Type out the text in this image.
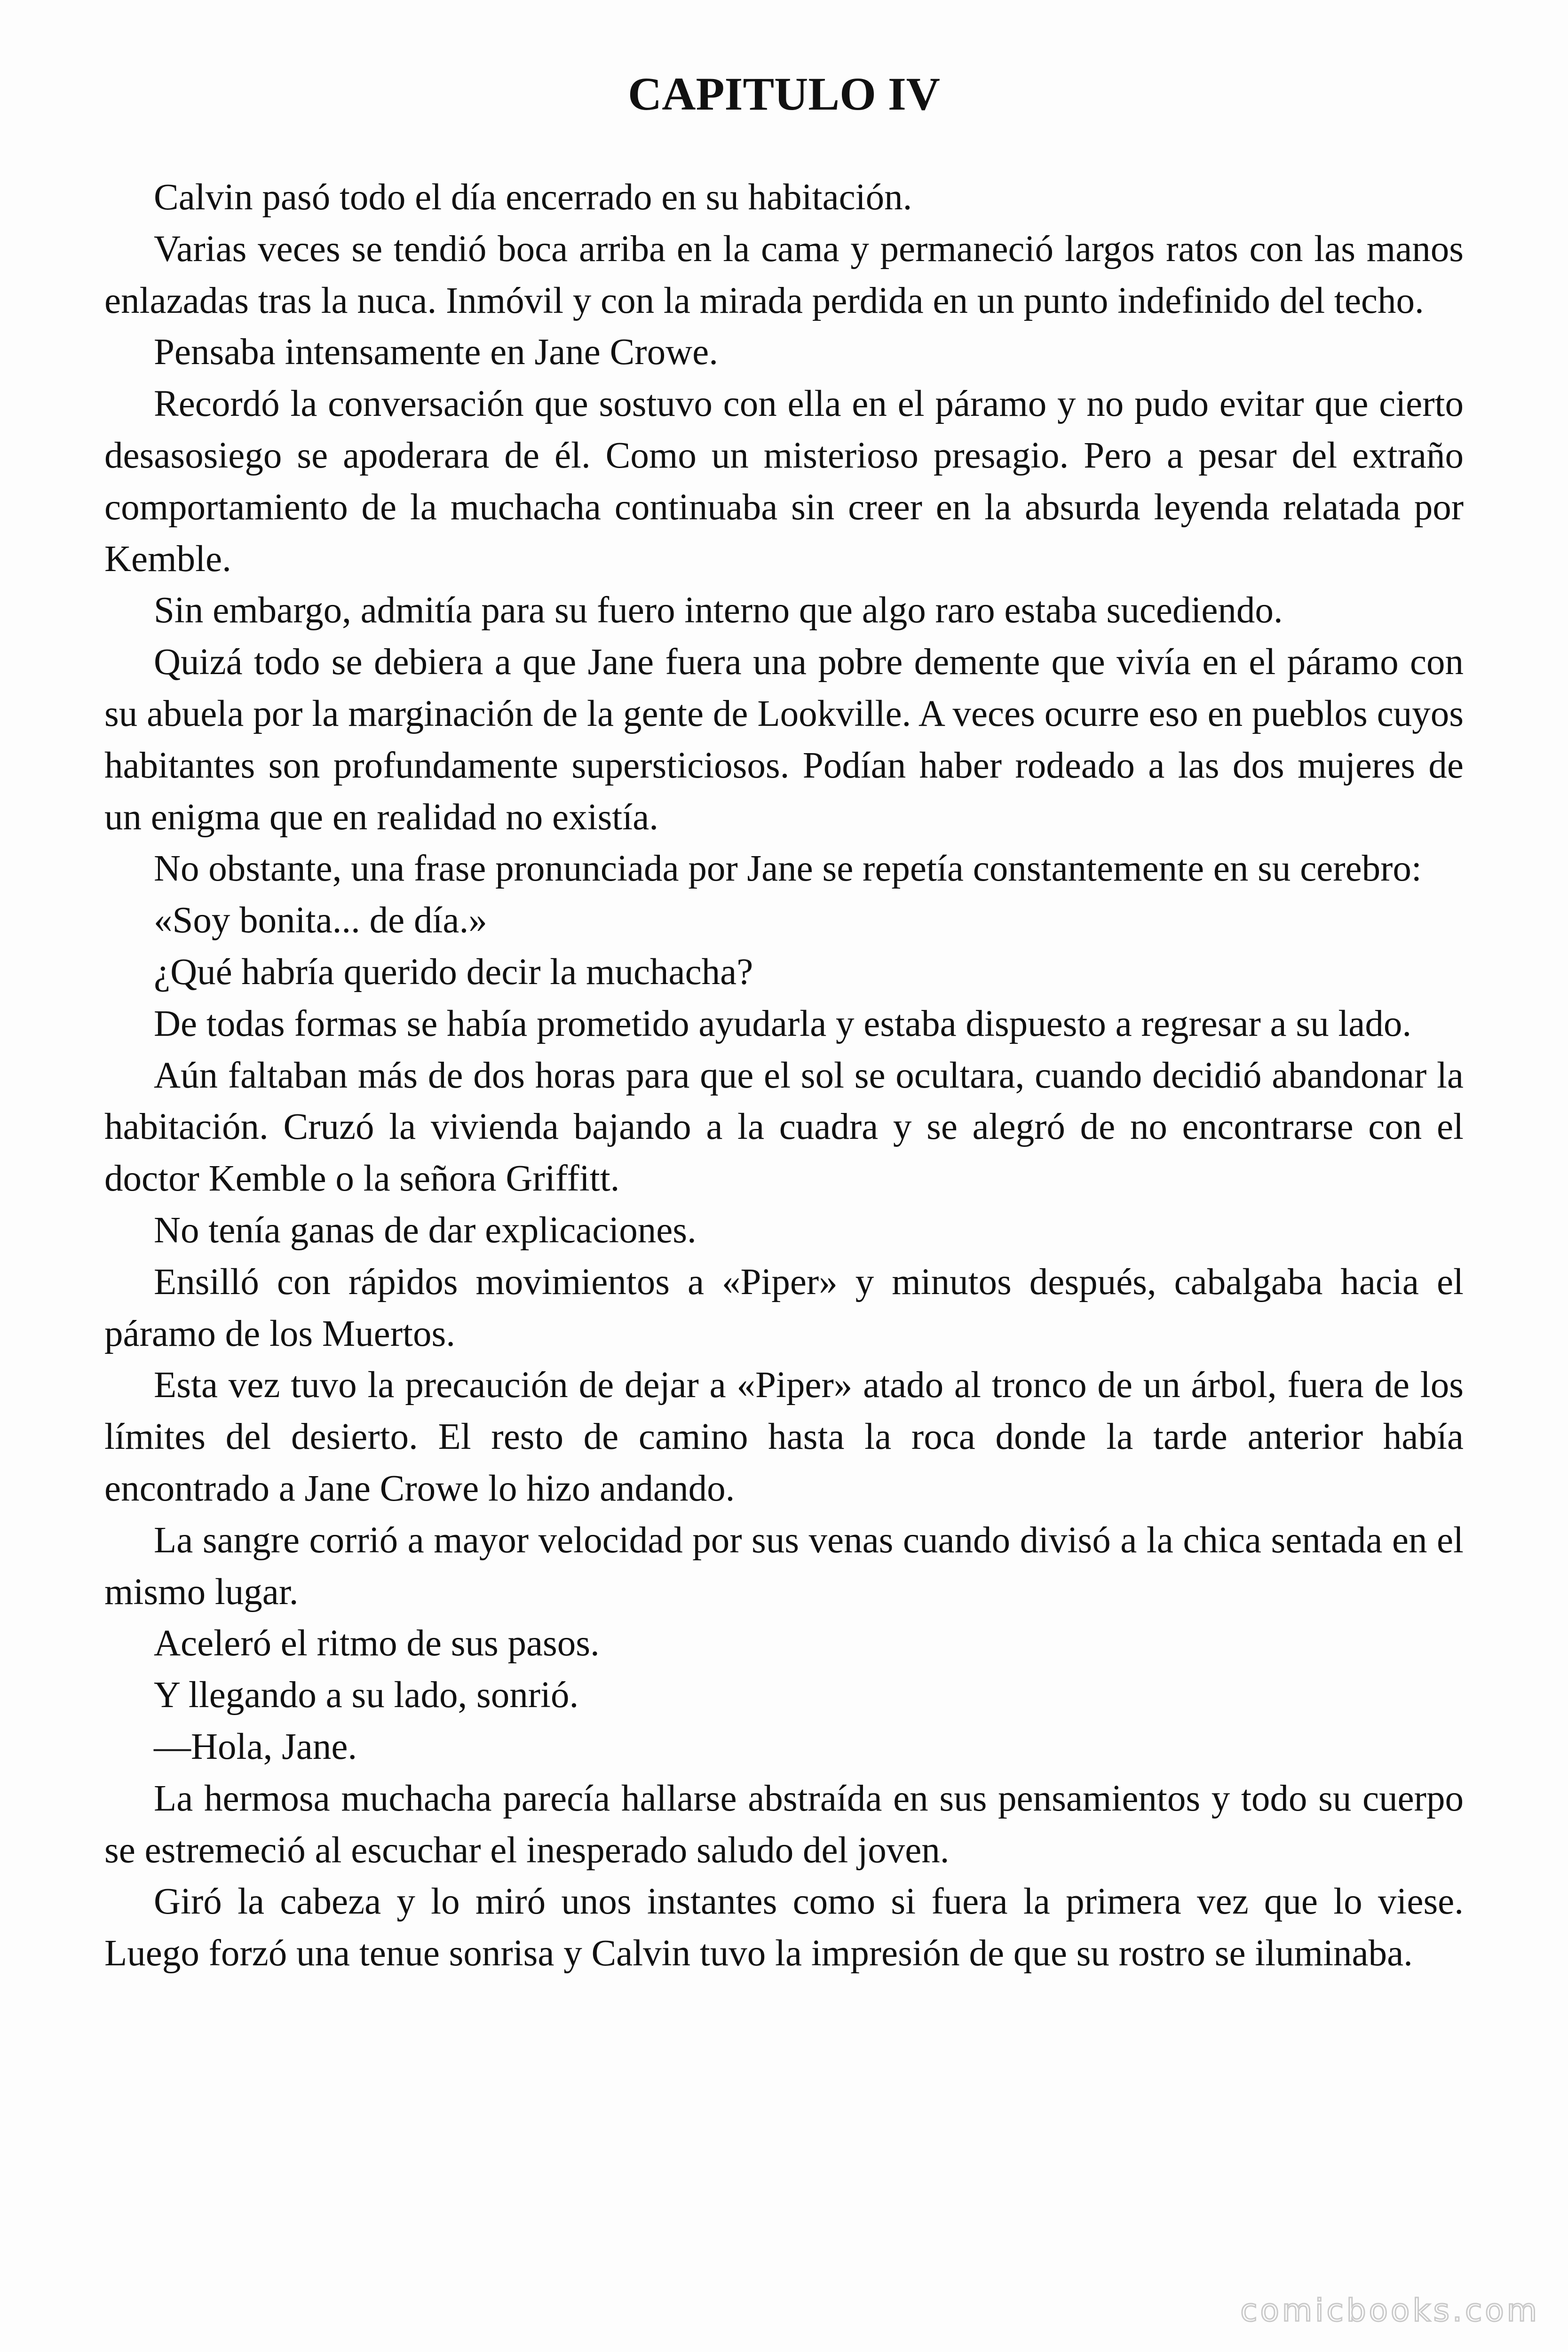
CAPITULO IV

Calvin pasó todo el día encerrado en su habitación.

Varias veces se tendió boca arriba en la cama y permaneció largos ratos con las manos enlazadas tras la nuca. Inmóvil y con la mirada perdida en un punto indefinido del techo.

Pensaba intensamente en Jane Crowe.

Recordó la conversación que sostuvo con ella en el páramo y no pudo evitar que cierto desasosiego se apoderara de él. Como un misterioso presagio. Pero a pesar del extraño comportamiento de la muchacha continuaba sin creer en la absurda leyenda relatada por Kemble.

Sin embargo, admitía para su fuero interno que algo raro estaba sucediendo.

Quizá todo se debiera a que Jane fuera una pobre demente que vivía en el páramo con su abuela por la marginación de la gente de Lookville. A veces ocurre eso en pueblos cuyos habitantes son profundamente supersticiosos. Podían haber rodeado a las dos mujeres de un enigma que en realidad no existía.

No obstante, una frase pronunciada por Jane se repetía constantemente en su cerebro:

«Soy bonita... de día.»

¿Qué habría querido decir la muchacha?

De todas formas se había prometido ayudarla y estaba dispuesto a regresar a su lado.

Aún faltaban más de dos horas para que el sol se ocultara, cuando decidió abandonar la habitación. Cruzó la vivienda bajando a la cuadra y se alegró de no encontrarse con el doctor Kemble o la señora Griffitt.

No tenía ganas de dar explicaciones.

Ensilló con rápidos movimientos a «Piper» y minutos después, cabalgaba hacia el páramo de los Muertos.

Esta vez tuvo la precaución de dejar a «Piper» atado al tronco de un árbol, fuera de los límites del desierto. El resto de camino hasta la roca donde la tarde anterior había encontrado a Jane Crowe lo hizo andando.

La sangre corrió a mayor velocidad por sus venas cuando divisó a la chica sentada en el mismo lugar.

Aceleró el ritmo de sus pasos.

Y llegando a su lado, sonrió.

—Hola, Jane.

La hermosa muchacha parecía hallarse abstraída en sus pensamientos y todo su cuerpo se estremeció al escuchar el inesperado saludo del joven.

Giró la cabeza y lo miró unos instantes como si fuera la primera vez que lo viese. Luego forzó una tenue sonrisa y Calvin tuvo la impresión de que su rostro se iluminaba.

comicbooks.com
